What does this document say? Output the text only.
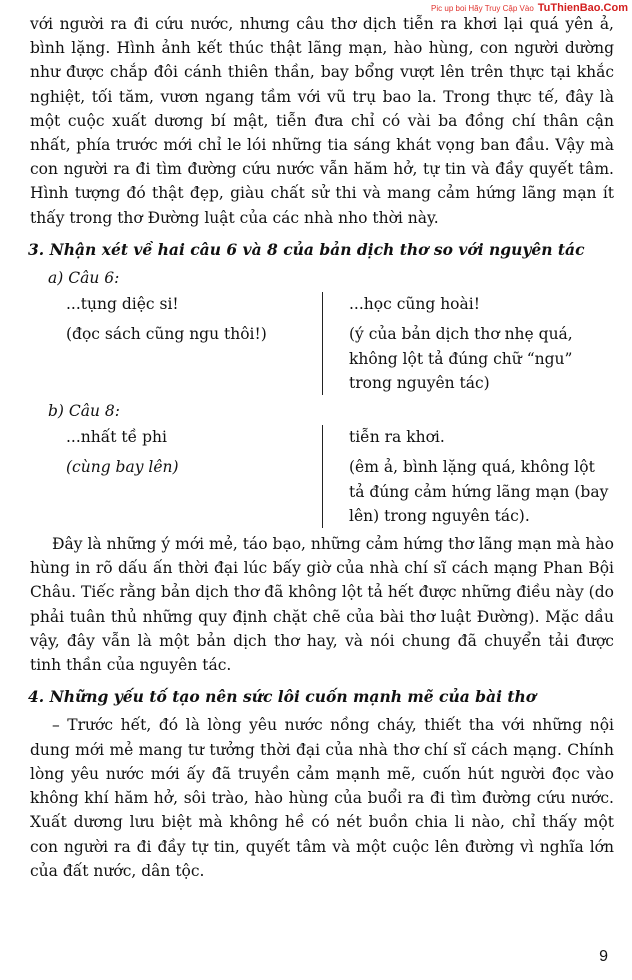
Pic up boi Hãy Truy Cập Vào TuThienBao.Com

với người ra đi cứu nước, nhưng câu thơ dịch tiễn ra khơi lại quá yên ả, bình lặng. Hình ảnh kết thúc thật lãng mạn, hào hùng, con người dường như được chắp đôi cánh thiên thần, bay bổng vượt lên trên thực tại khắc nghiệt, tối tăm, vươn ngang tầm với vũ trụ bao la. Trong thực tế, đây là một cuộc xuất dương bí mật, tiễn đưa chỉ có vài ba đồng chí thân cận nhất, phía trước mới chỉ le lói những tia sáng khát vọng ban đầu. Vậy mà con người ra đi tìm đường cứu nước vẫn hăm hở, tự tin và đầy quyết tâm. Hình tượng đó thật đẹp, giàu chất sử thi và mang cảm hứng lãng mạn ít thấy trong thơ Đường luật của các nhà nho thời này.

3. Nhận xét về hai câu 6 và 8 của bản dịch thơ so với nguyên tác
a) Câu 6:
...tụng diệc si!
(đọc sách cũng ngu thôi!)
...học cũng hoài!
(ý của bản dịch thơ nhẹ quá,
không lột tả đúng chữ “ngu”
trong nguyên tác)
b) Câu 8:
...nhất tề phi
(cùng bay lên)
tiễn ra khơi.
(êm ả, bình lặng quá, không lột
tả đúng cảm hứng lãng mạn (bay
lên) trong nguyên tác).

Đây là những ý mới mẻ, táo bạo, những cảm hứng thơ lãng mạn mà hào hùng in rõ dấu ấn thời đại lúc bấy giờ của nhà chí sĩ cách mạng Phan Bội Châu. Tiếc rằng bản dịch thơ đã không lột tả hết được những điều này (do phải tuân thủ những quy định chặt chẽ của bài thơ luật Đường). Mặc dầu vậy, đây vẫn là một bản dịch thơ hay, và nói chung đã chuyển tải được tinh thần của nguyên tác.

4. Những yếu tố tạo nên sức lôi cuốn mạnh mẽ của bài thơ

– Trước hết, đó là lòng yêu nước nồng cháy, thiết tha với những nội dung mới mẻ mang tư tưởng thời đại của nhà thơ chí sĩ cách mạng. Chính lòng yêu nước mới ấy đã truyền cảm mạnh mẽ, cuốn hút người đọc vào không khí hăm hở, sôi trào, hào hùng của buổi ra đi tìm đường cứu nước. Xuất dương lưu biệt mà không hề có nét buồn chia li nào, chỉ thấy một con người ra đi đầy tự tin, quyết tâm và một cuộc lên đường vì nghĩa lớn của đất nước, dân tộc.

9
